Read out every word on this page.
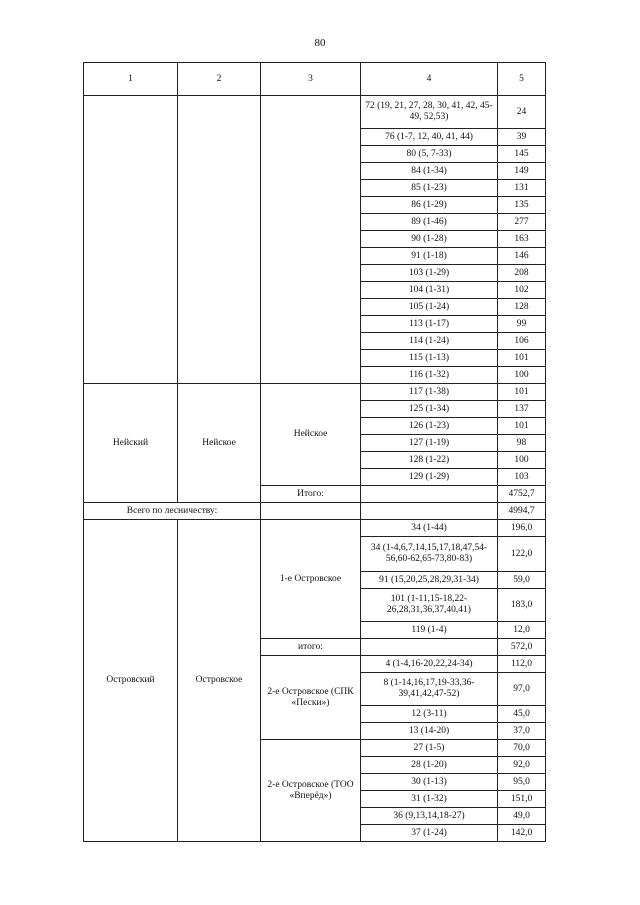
80
1	2	3	4	5
			72 (19, 21, 27, 28, 30, 41, 42, 45-49, 52,53)	24
			76 (1-7, 12, 40, 41, 44)	39
			80 (5, 7-33)	145
			84 (1-34)	149
			85 (1-23)	131
			86 (1-29)	135
			89 (1-46)	277
			90 (1-28)	163
			91 (1-18)	146
			103 (1-29)	208
			104 (1-31)	102
			105 (1-24)	128
			113 (1-17)	99
			114 (1-24)	106
			115 (1-13)	101
			116 (1-32)	100
Нейский	Нейское	Нейское	117 (1-38)	101
			125 (1-34)	137
			126 (1-23)	101
			127 (1-19)	98
			128 (1-22)	100
			129 (1-29)	103
		Итого:		4752,7
Всего по лесничеству:				4994,7
Островский	Островское	1-е Островское	34 (1-44)	196,0
			34 (1-4,6,7,14,15,17,18,47,54-56,60-62,65-73,80-83)	122,0
			91 (15,20,25,28,29,31-34)	59,0
			101 (1-11,15-18,22-26,28,31,36,37,40,41)	183,0
			119 (1-4)	12,0
		итого:		572,0
		2-е Островское (СПК «Пески»)	4 (1-4,16-20,22,24-34)	112,0
			8 (1-14,16,17,19-33,36-39,41,42,47-52)	97,0
			12 (3-11)	45,0
			13 (14-20)	37,0
		2-е Островское (ТОО «Вперёд»)	27 (1-5)	70,0
			28 (1-20)	92,0
			30 (1-13)	95,0
			31 (1-32)	151,0
			36 (9,13,14,18-27)	49,0
			37 (1-24)	142,0
